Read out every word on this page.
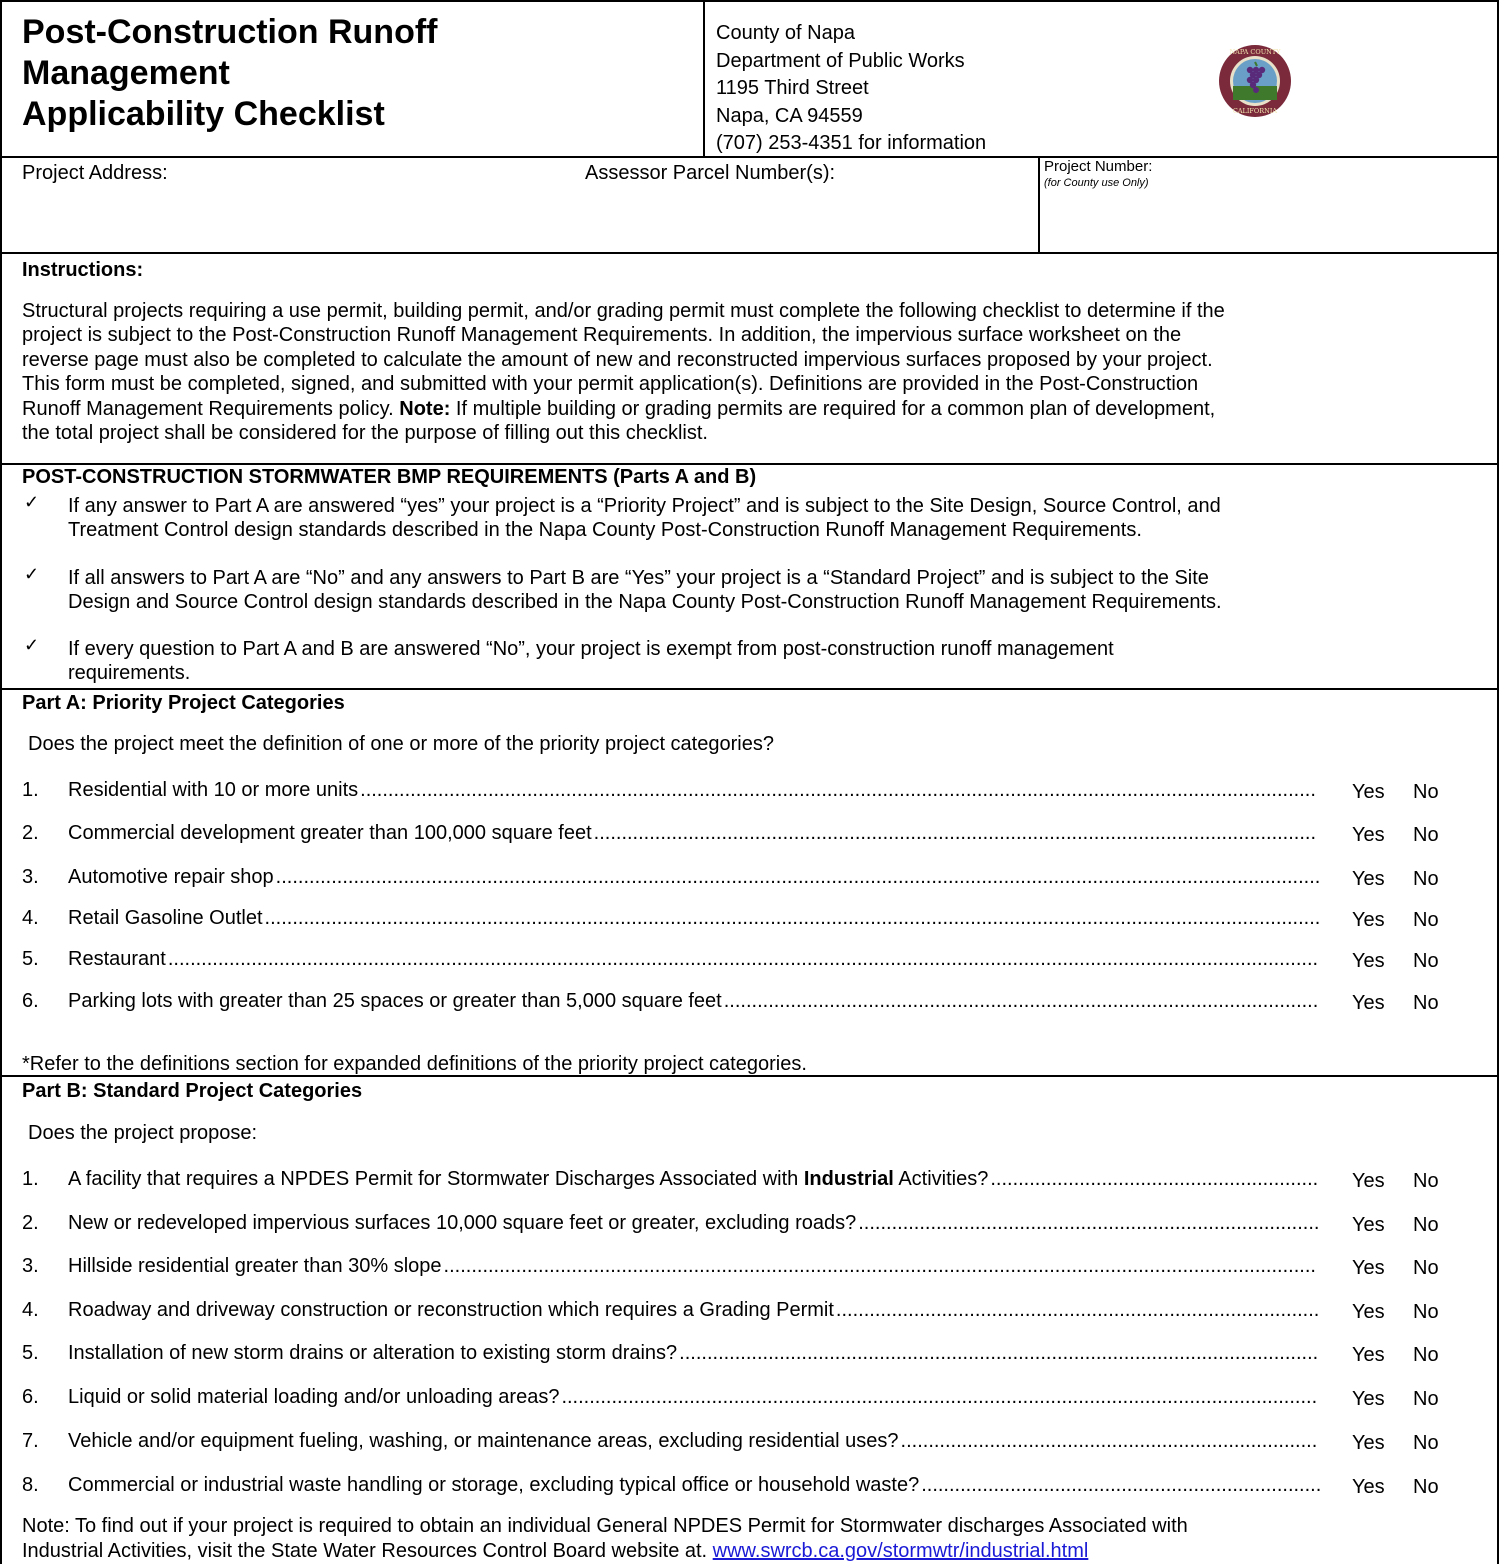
Post-Construction Runoff
Management
Applicability Checklist
County of Napa
Department of Public Works
1195 Third Street
Napa, CA 94559
(707) 253-4351 for information
NAPA COUNTY
CALIFORNIA
Project Address:	Assessor Parcel Number(s):	Project Number:
(for County use Only)
Instructions:
Structural projects requiring a use permit, building permit, and/or grading permit must complete the following checklist to determine if the
project is subject to the Post-Construction Runoff Management Requirements. In addition, the impervious surface worksheet on the
reverse page must also be completed to calculate the amount of new and reconstructed impervious surfaces proposed by your project.
This form must be completed, signed, and submitted with your permit application(s). Definitions are provided in the Post-Construction
Runoff Management Requirements policy. Note: If multiple building or grading permits are required for a common plan of development,
the total project shall be considered for the purpose of filling out this checklist.
POST-CONSTRUCTION STORMWATER BMP REQUIREMENTS (Parts A and B)
✓ If any answer to Part A are answered “yes” your project is a “Priority Project” and is subject to the Site Design, Source Control, and
Treatment Control design standards described in the Napa County Post-Construction Runoff Management Requirements.
✓ If all answers to Part A are “No” and any answers to Part B are “Yes” your project is a “Standard Project” and is subject to the Site
Design and Source Control design standards described in the Napa County Post-Construction Runoff Management Requirements.
✓ If every question to Part A and B are answered “No”, your project is exempt from post-construction runoff management
requirements.
Part A: Priority Project Categories
Does the project meet the definition of one or more of the priority project categories?
*Refer to the definitions section for expanded definitions of the priority project categories.
Part B: Standard Project Categories
Does the project propose:
Note: To find out if your project is required to obtain an individual General NPDES Permit for Stormwater discharges Associated with
Industrial Activities, visit the State Water Resources Control Board website at. www.swrcb.ca.gov/stormwtr/industrial.html
1. Residential with 10 or more units ............................................................................................................................................................................	Yes No
2. Commercial development greater than 100,000 square feet .................................................................................................................................. Yes No
3. Automotive repair shop ............................................................................................................................................................................................ Yes No
4. Retail Gasoline Outlet .............................................................................................................................................................................................. Yes No
5. Restaurant ............................................................................................................................................................................................................... Yes No
6. Parking lots with greater than 25 spaces or greater than 5,000 square feet ........................................................................................................... Yes No
1. A facility that requires a NPDES Permit for Stormwater Discharges Associated with Industrial Activities? ........................................................... Yes No
2. New or redeveloped impervious surfaces 10,000 square feet or greater, excluding roads? ................................................................................... Yes No
3. Hillside residential greater than 30% slope .............................................................................................................................................................	Yes No
4. Roadway and driveway construction or reconstruction which requires a Grading Permit ....................................................................................... Yes No
5. Installation of new storm drains or alteration to existing storm drains? ................................................................................................................... Yes No
6. Liquid or solid material loading and/or unloading areas? ........................................................................................................................................ Yes No
7. Vehicle and/or equipment fueling, washing, or maintenance areas, excluding residential uses? ........................................................................... Yes No
8. Commercial or industrial waste handling or storage, excluding typical office or household waste? ........................................................................ Yes No
